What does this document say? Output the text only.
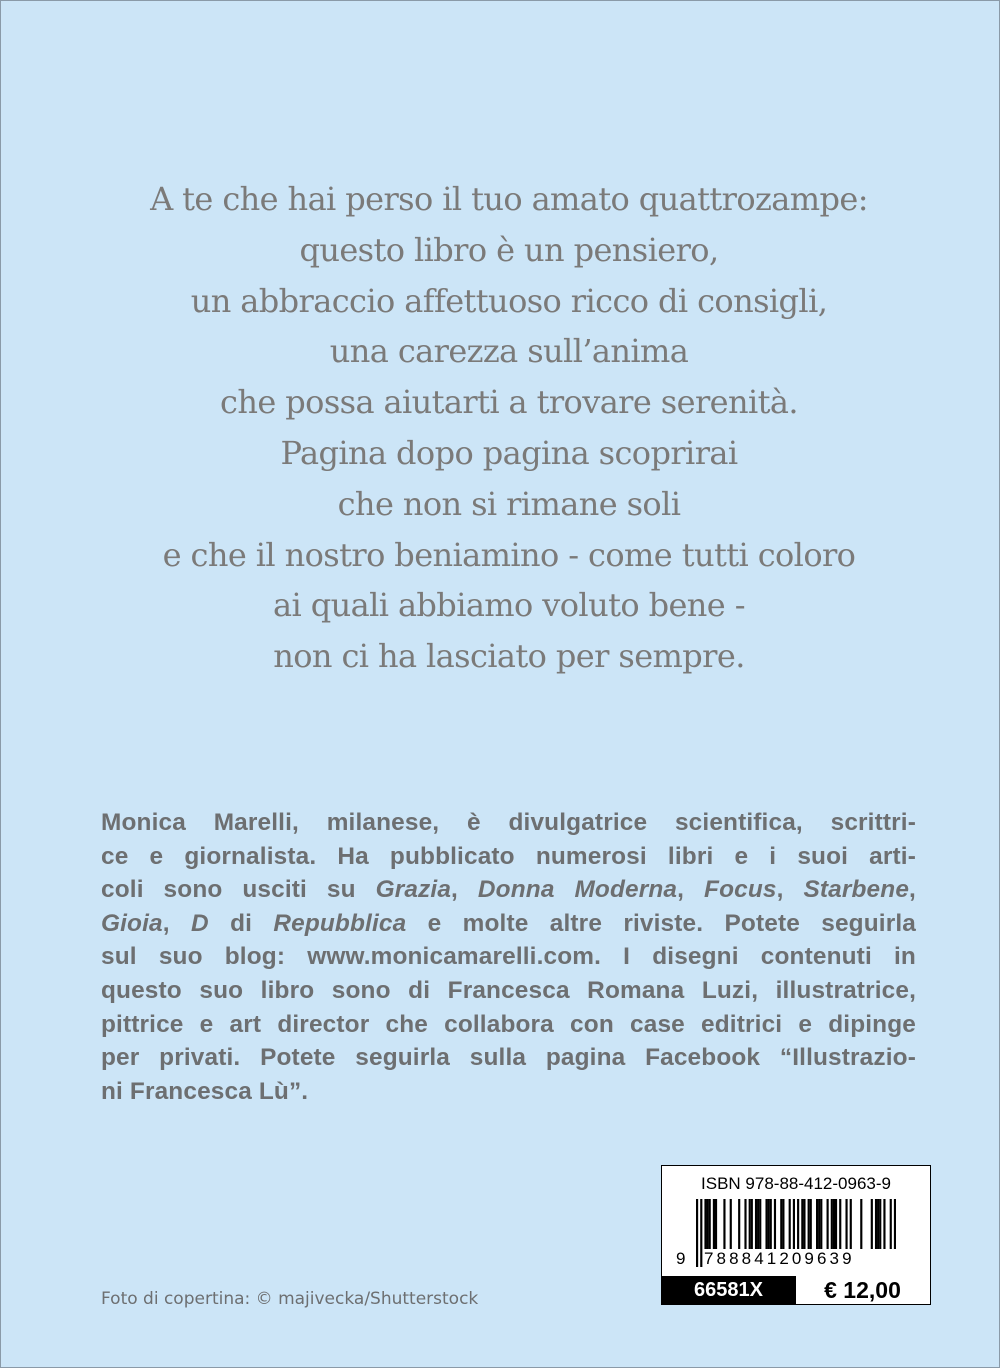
A te che hai perso il tuo amato quattrozampe:
questo libro è un pensiero,
un abbraccio affettuoso ricco di consigli,
una carezza sull’anima
che possa aiutarti a trovare serenità.
Pagina dopo pagina scoprirai
che non si rimane soli
e che il nostro beniamino - come tutti coloro
ai quali abbiamo voluto bene -
non ci ha lasciato per sempre.
Monica Marelli, milanese, è divulgatrice scientifica, scrittri-
ce e giornalista. Ha pubblicato numerosi libri e i suoi arti-
coli sono usciti su Grazia, Donna Moderna, Focus, Starbene,
Gioia, D di Repubblica e molte altre riviste. Potete seguirla
sul suo blog: www.monicamarelli.com. I disegni contenuti in
questo suo libro sono di Francesca Romana Luzi, illustratrice,
pittrice e art director che collabora con case editrici e dipinge
per privati. Potete seguirla sulla pagina Facebook “Illustrazio-
ni Francesca Lù”.
Foto di copertina: © majivecka/Shutterstock
ISBN 978-88-412-0963-9
9 788841209639
66581X	€ 12,00
